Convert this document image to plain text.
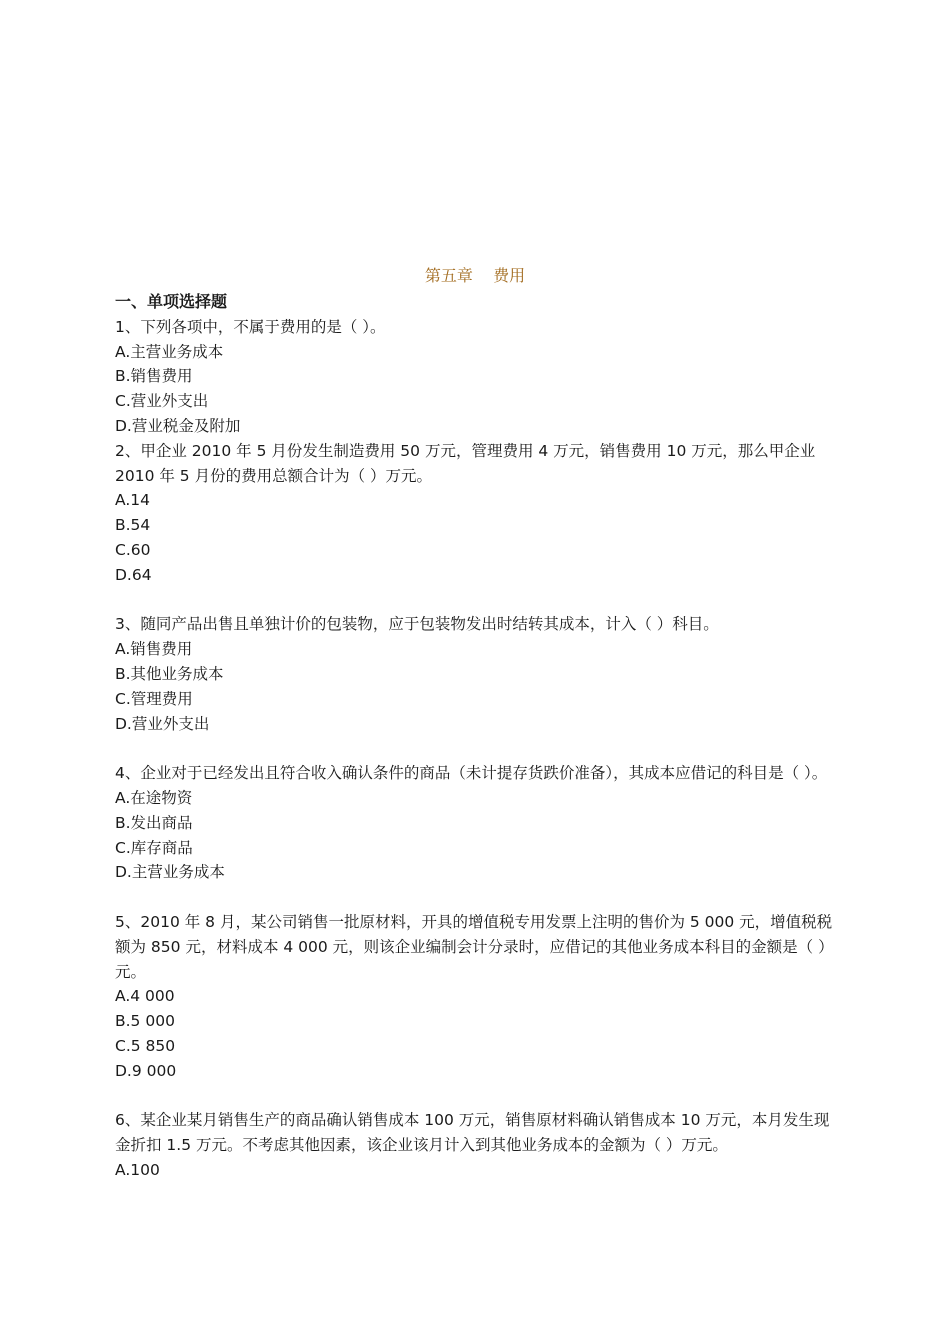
第五章    费用
一、单项选择题

1、下列各项中，不属于费用的是（ ）。

A.主营业务成本

B.销售费用

C.营业外支出

D.营业税金及附加

2、甲企业 2010 年 5 月份发生制造费用 50 万元，管理费用 4 万元，销售费用 10 万元，那么甲企业 2010 年 5 月份的费用总额合计为（ ）万元。

A.14

B.54

C.60

D.64

3、随同产品出售且单独计价的包装物，应于包装物发出时结转其成本，计入（ ）科目。

A.销售费用

B.其他业务成本

C.管理费用

D.营业外支出

4、企业对于已经发出且符合收入确认条件的商品（未计提存货跌价准备），其成本应借记的科目是（ ）。

A.在途物资

B.发出商品

C.库存商品

D.主营业务成本

5、2010 年 8 月，某公司销售一批原材料，开具的增值税专用发票上注明的售价为 5 000 元，增值税税额为 850 元，材料成本 4 000 元，则该企业编制会计分录时，应借记的其他业务成本科目的金额是（ ）元。

A.4 000

B.5 000

C.5 850

D.9 000

6、某企业某月销售生产的商品确认销售成本 100 万元，销售原材料确认销售成本 10 万元，本月发生现金折扣 1.5 万元。不考虑其他因素，该企业该月计入到其他业务成本的金额为（ ）万元。

A.100
